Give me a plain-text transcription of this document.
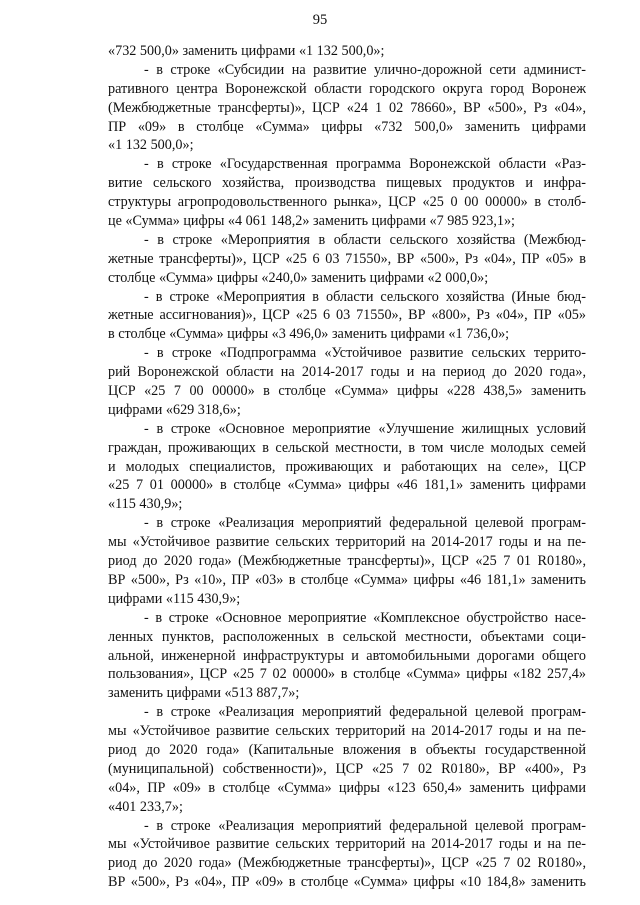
95
«732 500,0» заменить цифрами «1 132 500,0»;
- в строке «Субсидии на развитие улично-дорожной сети админист-
ративного центра Воронежской области городского округа город Воронеж
(Межбюджетные трансферты)», ЦСР «24 1 02 78660», ВР «500», Рз «04»,
ПР «09» в столбце «Сумма» цифры «732 500,0» заменить цифрами
«1 132 500,0»;
- в строке «Государственная программа Воронежской области «Раз-
витие сельского хозяйства, производства пищевых продуктов и инфра-
структуры агропродовольственного рынка», ЦСР «25 0 00 00000» в столб-
це «Сумма» цифры «4 061 148,2» заменить цифрами «7 985 923,1»;
- в строке «Мероприятия в области сельского хозяйства (Межбюд-
жетные трансферты)», ЦСР «25 6 03 71550», ВР «500», Рз «04», ПР «05» в
столбце «Сумма» цифры «240,0» заменить цифрами «2 000,0»;
- в строке «Мероприятия в области сельского хозяйства (Иные бюд-
жетные ассигнования)», ЦСР «25 6 03 71550», ВР «800», Рз «04», ПР «05»
в столбце «Сумма» цифры «3 496,0» заменить цифрами «1 736,0»;
- в строке «Подпрограмма «Устойчивое развитие сельских террито-
рий Воронежской области на 2014-2017 годы и на период до 2020 года»,
ЦСР «25 7 00 00000» в столбце «Сумма» цифры «228 438,5» заменить
цифрами «629 318,6»;
- в строке «Основное мероприятие «Улучшение жилищных условий
граждан, проживающих в сельской местности, в том числе молодых семей
и молодых специалистов, проживающих и работающих на селе», ЦСР
«25 7 01 00000» в столбце «Сумма» цифры «46 181,1» заменить цифрами
«115 430,9»;
- в строке «Реализация мероприятий федеральной целевой програм-
мы «Устойчивое развитие сельских территорий на 2014-2017 годы и на пе-
риод до 2020 года» (Межбюджетные трансферты)», ЦСР «25 7 01 R0180»,
ВР «500», Рз «10», ПР «03» в столбце «Сумма» цифры «46 181,1» заменить
цифрами «115 430,9»;
- в строке «Основное мероприятие «Комплексное обустройство насе-
ленных пунктов, расположенных в сельской местности, объектами соци-
альной, инженерной инфраструктуры и автомобильными дорогами общего
пользования», ЦСР «25 7 02 00000» в столбце «Сумма» цифры «182 257,4»
заменить цифрами «513 887,7»;
- в строке «Реализация мероприятий федеральной целевой програм-
мы «Устойчивое развитие сельских территорий на 2014-2017 годы и на пе-
риод до 2020 года» (Капитальные вложения в объекты государственной
(муниципальной) собственности)», ЦСР «25 7 02 R0180», ВР «400», Рз
«04», ПР «09» в столбце «Сумма» цифры «123 650,4» заменить цифрами
«401 233,7»;
- в строке «Реализация мероприятий федеральной целевой програм-
мы «Устойчивое развитие сельских территорий на 2014-2017 годы и на пе-
риод до 2020 года» (Межбюджетные трансферты)», ЦСР «25 7 02 R0180»,
ВР «500», Рз «04», ПР «09» в столбце «Сумма» цифры «10 184,8» заменить
